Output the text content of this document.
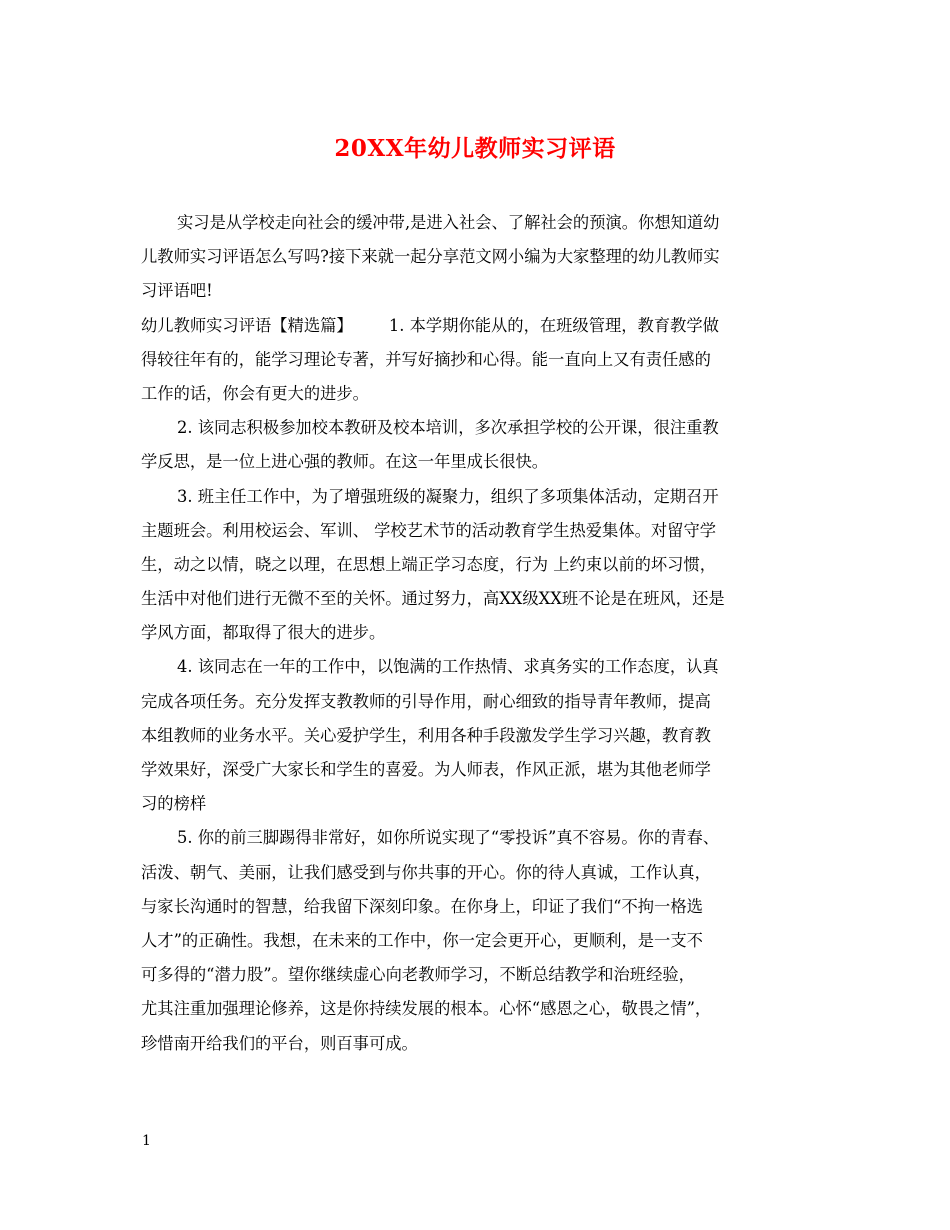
20XX年幼儿教师实习评语
实习是从学校走向社会的缓冲带,是进入社会、了解社会的预演。你想知道幼
儿教师实习评语怎么写吗?接下来就一起分享范文网小编为大家整理的幼儿教师实
习评语吧!
幼儿教师实习评语【精选篇】       1. 本学期你能从的，在班级管理，教育教学做
得较往年有的，能学习理论专著，并写好摘抄和心得。能一直向上又有责任感的
工作的话，你会有更大的进步。
2. 该同志积极参加校本教研及校本培训，多次承担学校的公开课，很注重教
学反思，是一位上进心强的教师。在这一年里成长很快。
3. 班主任工作中，为了增强班级的凝聚力，组织了多项集体活动，定期召开
主题班会。利用校运会、军训、 学校艺术节的活动教育学生热爱集体。对留守学
生，动之以情，晓之以理，在思想上端正学习态度，行为 上约束以前的坏习惯，
生活中对他们进行无微不至的关怀。通过努力，高XX级XX班不论是在班风，还是
学风方面，都取得了很大的进步。
4. 该同志在一年的工作中，以饱满的工作热情、求真务实的工作态度，认真
完成各项任务。充分发挥支教教师的引导作用，耐心细致的指导青年教师，提高
本组教师的业务水平。关心爱护学生，利用各种手段激发学生学习兴趣，教育教
学效果好，深受广大家长和学生的喜爱。为人师表，作风正派，堪为其他老师学
习的榜样
5. 你的前三脚踢得非常好，如你所说实现了“零投诉”真不容易。你的青春、
活泼、朝气、美丽，让我们感受到与你共事的开心。你的待人真诚，工作认真，
与家长沟通时的智慧，给我留下深刻印象。在你身上，印证了我们“不拘一格选
人才”的正确性。我想，在未来的工作中，你一定会更开心，更顺利，是一支不
可多得的“潜力股”。望你继续虚心向老教师学习，不断总结教学和治班经验，
尤其注重加强理论修养，这是你持续发展的根本。心怀“感恩之心，敬畏之情”，
珍惜南开给我们的平台，则百事可成。
1
